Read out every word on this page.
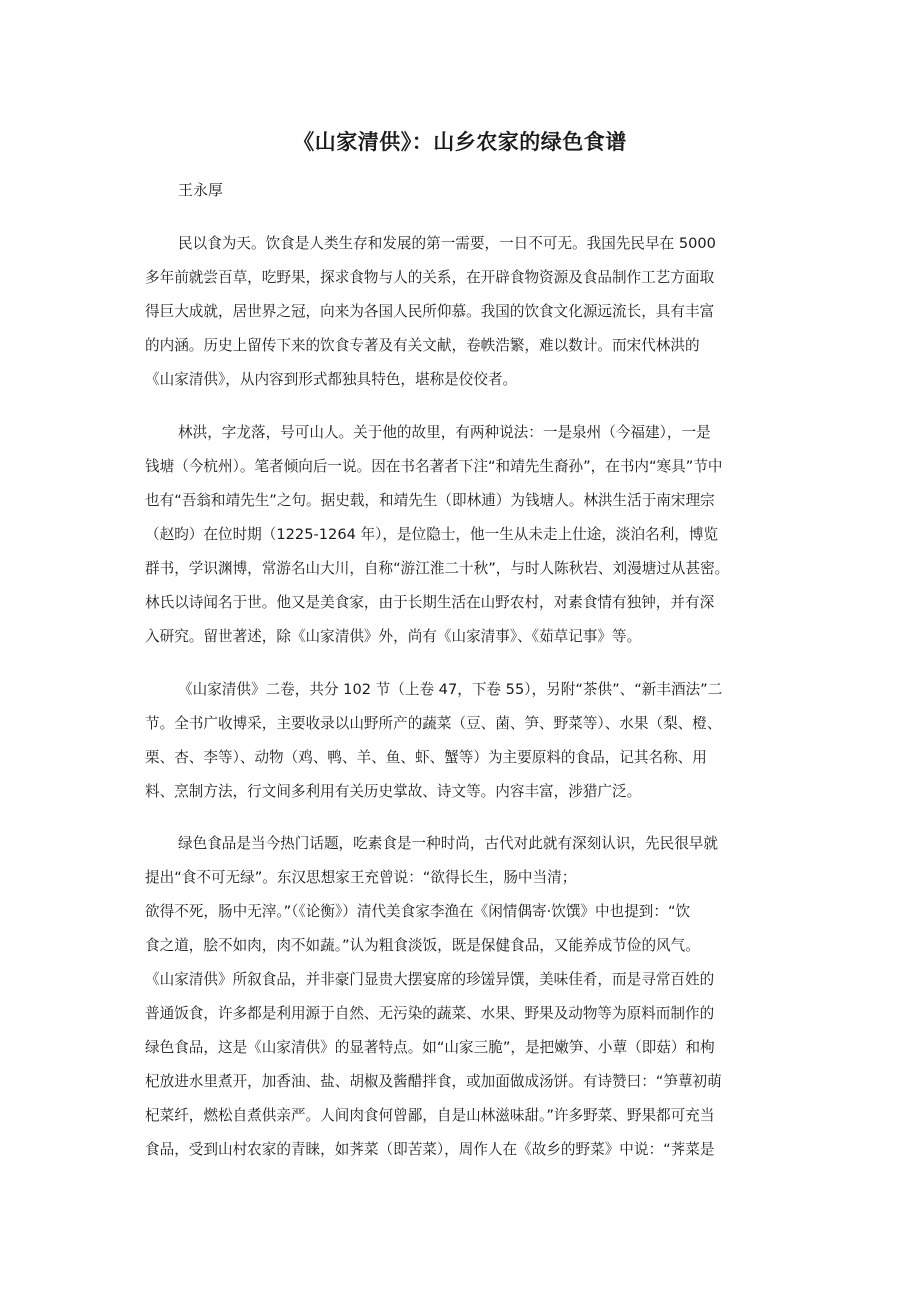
《山家清供》：山乡农家的绿色食谱
王永厚
民以食为天。饮食是人类生存和发展的第一需要，一日不可无。我国先民早在 5000
多年前就尝百草，吃野果，探求食物与人的关系，在开辟食物资源及食品制作工艺方面取
得巨大成就，居世界之冠，向来为各国人民所仰慕。我国的饮食文化源远流长，具有丰富
的内涵。历史上留传下来的饮食专著及有关文献，卷帙浩繁，难以数计。而宋代林洪的
《山家清供》，从内容到形式都独具特色，堪称是佼佼者。
林洪，字龙落，号可山人。关于他的故里，有两种说法：一是泉州（今福建），一是
钱塘（今杭州）。笔者倾向后一说。因在书名著者下注“和靖先生裔孙”，在书内“寒具”节中
也有“吾翁和靖先生”之句。据史载，和靖先生（即林逋）为钱塘人。林洪生活于南宋理宗
（赵昀）在位时期（1225-1264 年），是位隐士，他一生从未走上仕途，淡泊名利，博览
群书，学识渊博，常游名山大川，自称“游江淮二十秋”，与时人陈秋岩、刘漫塘过从甚密。
林氏以诗闻名于世。他又是美食家，由于长期生活在山野农村，对素食情有独钟，并有深
入研究。留世著述，除《山家清供》外，尚有《山家清事》、《茹草记事》等。
《山家清供》二卷，共分 102 节（上卷 47，下卷 55），另附“茶供”、“新丰酒法”二
节。全书广收博采，主要收录以山野所产的蔬菜（豆、菌、笋、野菜等）、水果（梨、橙、
栗、杏、李等）、动物（鸡、鸭、羊、鱼、虾、蟹等）为主要原料的食品，记其名称、用
料、烹制方法，行文间多利用有关历史掌故、诗文等。内容丰富，涉猎广泛。
绿色食品是当今热门话题，吃素食是一种时尚，古代对此就有深刻认识，先民很早就
提出“食不可无绿”。东汉思想家王充曾说：“欲得长生，肠中当清；
欲得不死，肠中无滓。”（《论衡》）清代美食家李渔在《闲情偶寄·饮馔》中也提到：“饮
食之道，脍不如肉，肉不如蔬。”认为粗食淡饭，既是保健食品，又能养成节俭的风气。
《山家清供》所叙食品，并非豪门显贵大摆宴席的珍馐异馔，美味佳肴，而是寻常百姓的
普通饭食，许多都是利用源于自然、无污染的蔬菜、水果、野果及动物等为原料而制作的
绿色食品，这是《山家清供》的显著特点。如“山家三脆”，是把嫩笋、小蕈（即菇）和枸
杞放进水里煮开，加香油、盐、胡椒及酱醋拌食，或加面做成汤饼。有诗赞曰：“笋蕈初萌
杞菜纤，燃松自煮供亲严。人间肉食何曾鄙，自是山林滋味甜。”许多野菜、野果都可充当
食品，受到山村农家的青睐，如荠菜（即苦菜），周作人在《故乡的野菜》中说：“荠菜是
